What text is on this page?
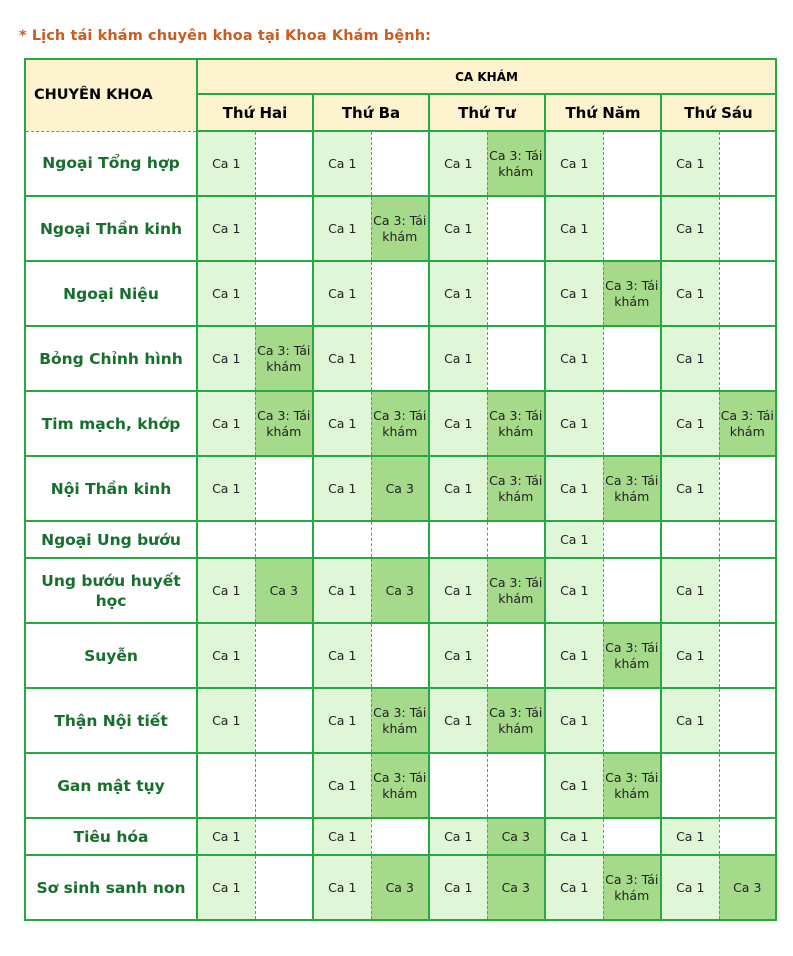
* Lịch tái khám chuyên khoa tại Khoa Khám bệnh:
CHUYÊN KHOA	CA KHÁM									
	Thứ Hai		Thứ Ba		Thứ Tư		Thứ Năm		Thứ Sáu	
Ngoại Tổng hợp	Ca 1		Ca 1		Ca 1	Ca 3: Tái khám	Ca 1		Ca 1	
Ngoại Thần kinh	Ca 1		Ca 1	Ca 3: Tái khám	Ca 1		Ca 1		Ca 1	
Ngoại Niệu	Ca 1		Ca 1		Ca 1		Ca 1	Ca 3: Tái khám	Ca 1	
Bỏng Chỉnh hình	Ca 1	Ca 3: Tái khám	Ca 1		Ca 1		Ca 1		Ca 1	
Tim mạch, khớp	Ca 1	Ca 3: Tái khám	Ca 1	Ca 3: Tái khám	Ca 1	Ca 3: Tái khám	Ca 1		Ca 1	Ca 3: Tái khám
Nội Thần kinh	Ca 1		Ca 1	Ca 3	Ca 1	Ca 3: Tái khám	Ca 1	Ca 3: Tái khám	Ca 1	
Ngoại Ung bướu							Ca 1			
Ung bướu huyết học	Ca 1	Ca 3	Ca 1	Ca 3	Ca 1	Ca 3: Tái khám	Ca 1		Ca 1	
Suyễn	Ca 1		Ca 1		Ca 1		Ca 1	Ca 3: Tái khám	Ca 1	
Thận Nội tiết	Ca 1		Ca 1	Ca 3: Tái khám	Ca 1	Ca 3: Tái khám	Ca 1		Ca 1	
Gan mật tụy			Ca 1	Ca 3: Tái khám			Ca 1	Ca 3: Tái khám		
Tiêu hóa	Ca 1		Ca 1		Ca 1	Ca 3	Ca 1		Ca 1	
Sơ sinh sanh non	Ca 1		Ca 1	Ca 3	Ca 1	Ca 3	Ca 1	Ca 3: Tái khám	Ca 1	Ca 3
